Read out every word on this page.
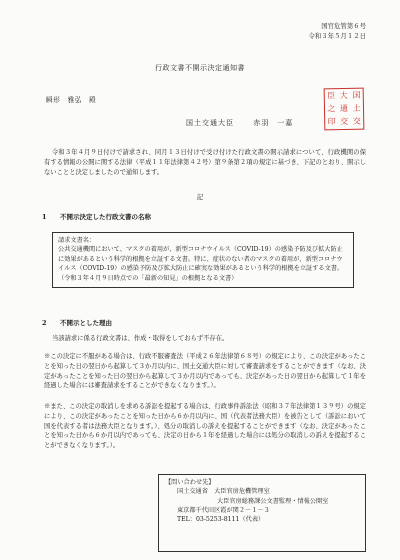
国官危管第６号
令和３年５月１２日
行政文書不開示決定通知書
瞬形　雅弘　殿
国土交通大臣	赤羽　一嘉
臣 大 国
之 通 土
印 交 交
令和３年４月９日付けで請求され、同月１３日付けで受け付けた行政文書の開示請求について、行政機関の保有する情報の公開に関する法律（平成１１年法律第４２号）第９条第２項の規定に基づき、下記のとおり、開示しないことと決定しましたので通知します。
記
1 不開示決定した行政文書の名称
請求文書名：
公共交通機関において、マスクの着用が、新型コロナウイルス（COVID-19）の感染予防及び拡大防止に効果があるという科学的根拠を立証する文書。特に、症状のない者のマスクの着用が、新型コロナウイルス（COVID-19）の感染予防及び拡大防止に確実な効果があるという科学的根拠を立証する文書。（令和３年４月９日時点での「最新の知見」の根拠となる文書）
2 不開示とした理由
当該請求に係る行政文書は、作成・取得をしておらず不存在。
※この決定に不服がある場合は、行政不服審査法（平成２６年法律第６８号）の規定により、この決定があったことを知った日の翌日から起算して３か月以内に、国土交通大臣に対して審査請求をすることができます（なお、決定があったことを知った日の翌日から起算して３か月以内であっても、決定があった日の翌日から起算して１年を経過した場合には審査請求をすることができなくなります。）。
※また、この決定の取消しを求める訴訟を提起する場合は、行政事件訴訟法（昭和３７年法律第１３９号）の規定により、この決定があったことを知った日から６か月以内に、国（代表者法務大臣）を被告として（訴訟において国を代表する者は法務大臣となります。）、処分の取消しの訴えを提起することができます（なお、決定があったことを知った日から６か月以内であっても、決定の日から１年を経過した場合には処分の取消しの訴えを提起することができなくなります。）。
【問い合わせ先】
国土交通省　大臣官房危機管理室
大臣官房総務課公文書監理・情報公開室
東京都千代田区霞が関２－１－３
TEL：03-5253-8111（代表）
